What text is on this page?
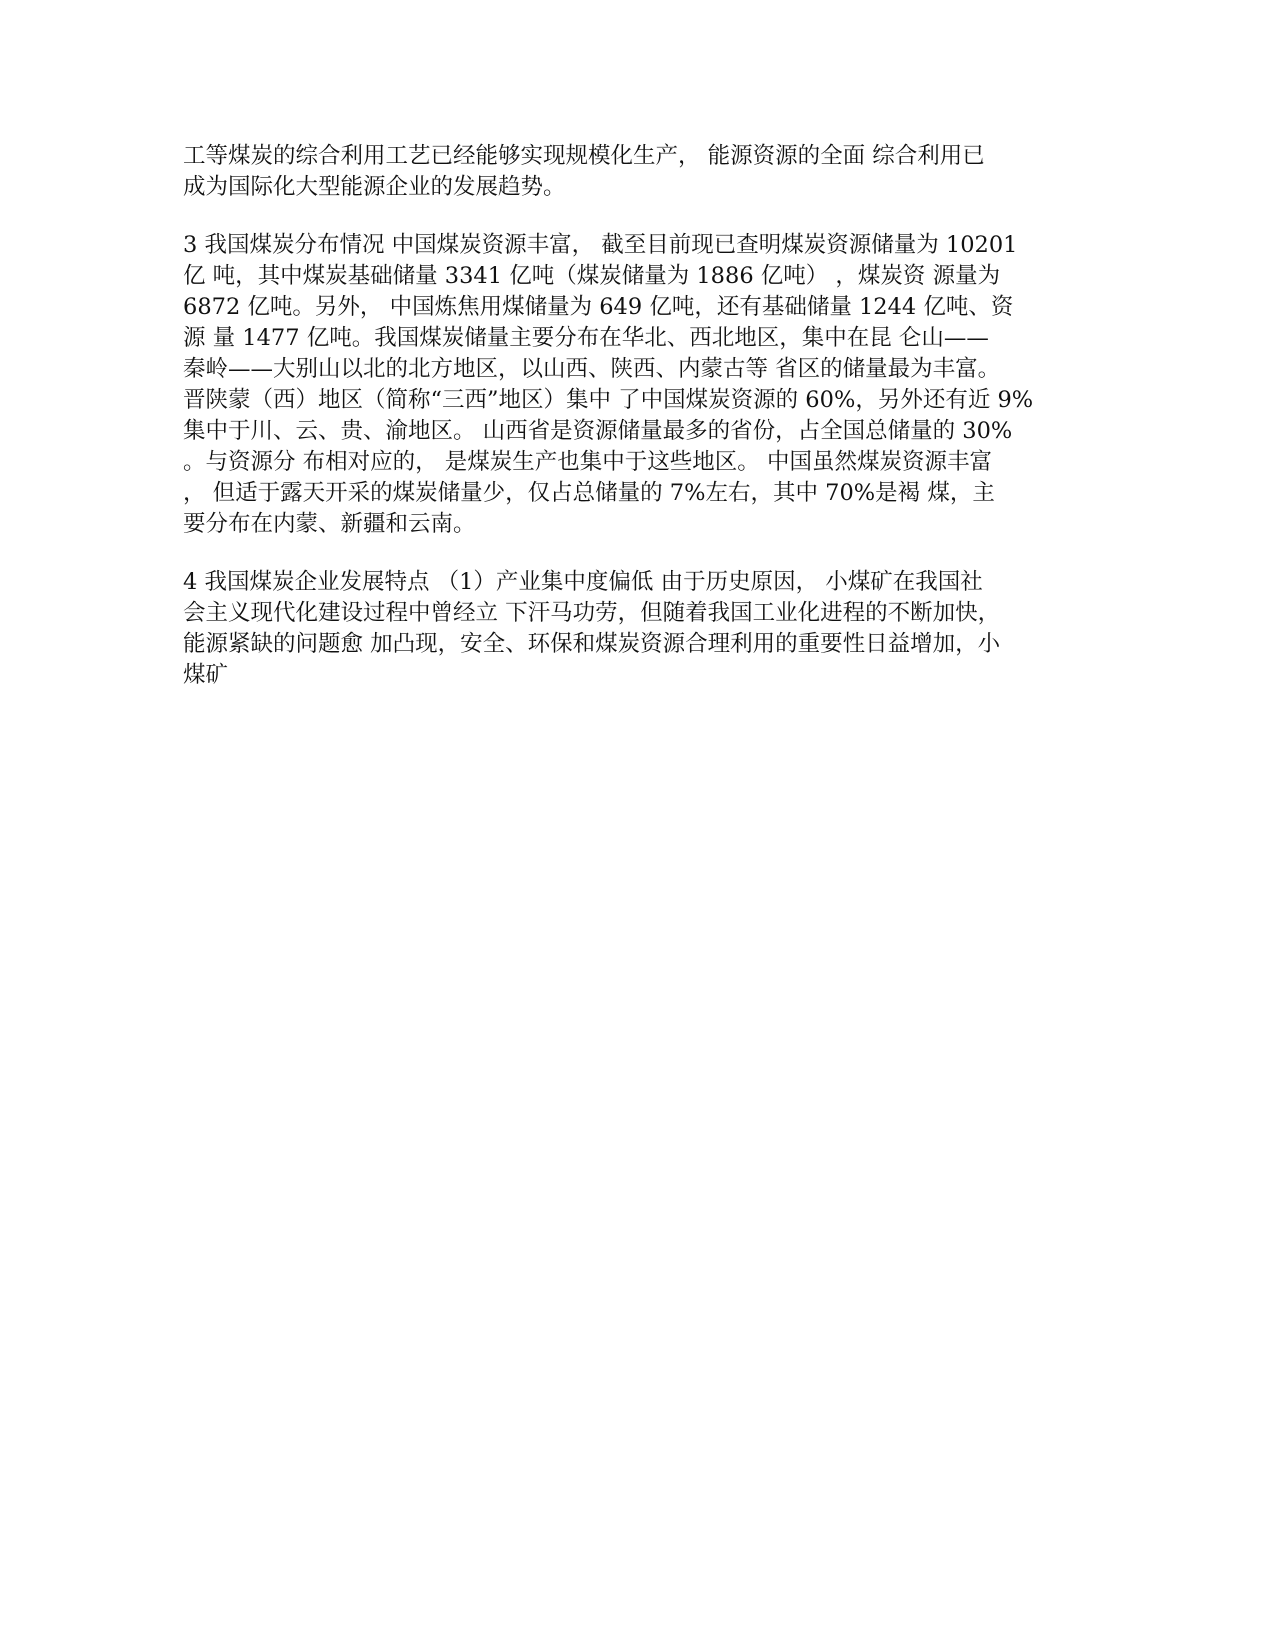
工等煤炭的综合利用工艺已经能够实现规模化生产， 能源资源的全面 综合利用已
成为国际化大型能源企业的发展趋势。

3 我国煤炭分布情况 中国煤炭资源丰富， 截至目前现已查明煤炭资源储量为 10201
亿 吨，其中煤炭基础储量 3341 亿吨（煤炭储量为 1886 亿吨） ，煤炭资 源量为
6872 亿吨。另外， 中国炼焦用煤储量为 649 亿吨，还有基础储量 1244 亿吨、资
源 量 1477 亿吨。我国煤炭储量主要分布在华北、西北地区，集中在昆 仑山——
秦岭——大别山以北的北方地区，以山西、陕西、内蒙古等 省区的储量最为丰富。
晋陕蒙（西）地区（简称“三西”地区）集中 了中国煤炭资源的 60%，另外还有近 9%
集中于川、云、贵、渝地区。 山西省是资源储量最多的省份，占全国总储量的 30%
。与资源分 布相对应的， 是煤炭生产也集中于这些地区。 中国虽然煤炭资源丰富
， 但适于露天开采的煤炭储量少，仅占总储量的 7%左右，其中 70%是褐 煤，主
要分布在内蒙、新疆和云南。

4 我国煤炭企业发展特点 （1）产业集中度偏低 由于历史原因， 小煤矿在我国社
会主义现代化建设过程中曾经立 下汗马功劳，但随着我国工业化进程的不断加快，
能源紧缺的问题愈 加凸现，安全、环保和煤炭资源合理利用的重要性日益增加，小
煤矿
